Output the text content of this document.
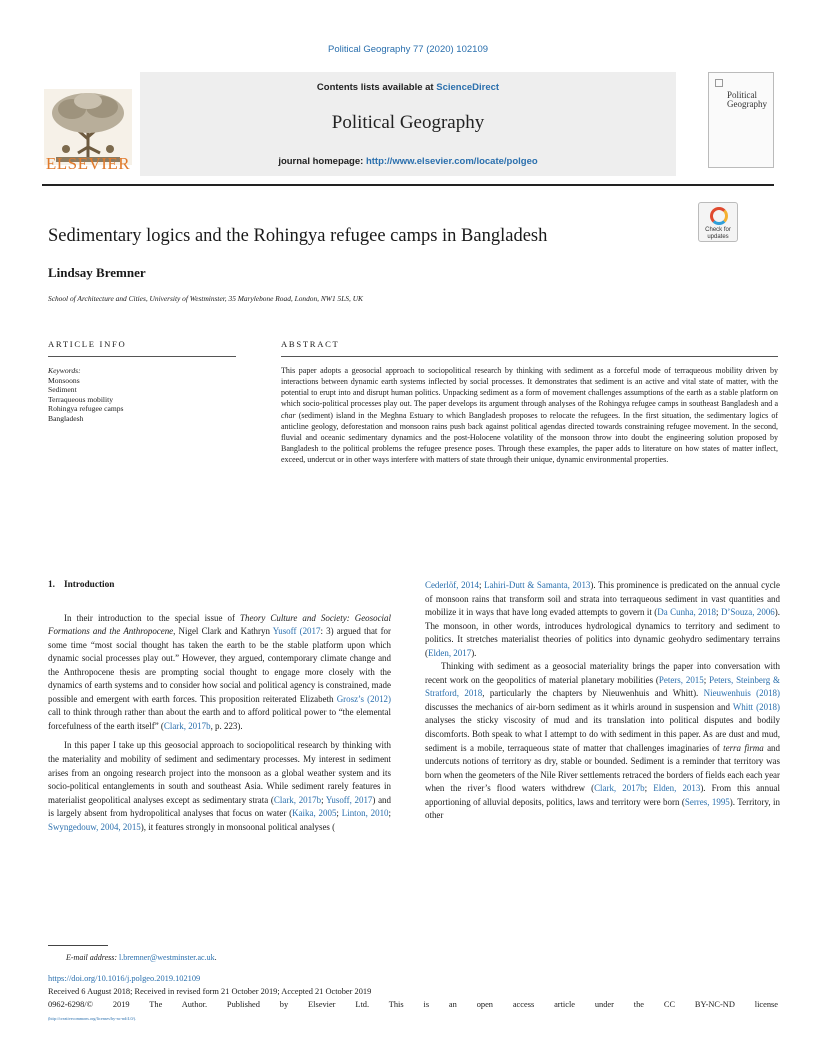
Political Geography 77 (2020) 102109
ELSEVIER
Contents lists available at ScienceDirect
Political Geography
journal homepage: http://www.elsevier.com/locate/polgeo
Political
Geography
Check for
updates
Sedimentary logics and the Rohingya refugee camps in Bangladesh
Lindsay Bremner
School of Architecture and Cities, University of Westminster, 35 Marylebone Road, London, NW1 5LS, UK
ARTICLE INFO	ABSTRACT
Keywords:
Monsoons
Sediment
Terraqueous mobility
Rohingya refugee camps
Bangladesh
This paper adopts a geosocial approach to sociopolitical research by thinking with sediment as a forceful mode of terraqueous mobility driven by interactions between dynamic earth systems inflected by social processes. It demonstrates that sediment is an active and vital state of matter, with the potential to erupt into and disrupt human politics. Unpacking sediment as a form of movement challenges assumptions of the earth as a stable platform on which socio-political processes play out. The paper develops its argument through analyses of the Rohingya refugee camps in southeast Bangladesh and a char (sediment) island in the Meghna Estuary to which Bangladesh proposes to relocate the refugees. In the first situation, the sedimentary logics of anticline geology, deforestation and monsoon rains push back against political agendas directed towards constraining refugee movement. In the second, fluvial and oceanic sedimentary dynamics and the post-Holocene volatility of the monsoon throw into doubt the engineering solution proposed by Bangladesh to the political problems the refugee presence poses. Through these examples, the paper adds to literature on how states of matter inflect, exceed, undercut or in other ways interfere with matters of state through their unique, dynamic environmental properties.
1. Introduction

In their introduction to the special issue of Theory Culture and Society: Geosocial Formations and the Anthropocene, Nigel Clark and Kathryn Yusoff (2017: 3) argued that for some time “most social thought has taken the earth to be the stable platform upon which dynamic social processes play out.” However, they argued, contemporary climate change and the Anthropocene thesis are prompting social thought to engage more closely with the dynamics of earth systems and to consider how social and political agency is constrained, made possible and emergent with earth forces. This proposition reiterated Elizabeth Grosz’s (2012) call to think through rather than about the earth and to afford political power to “the elemental forcefulness of the earth itself” (Clark, 2017b, p. 223).

In this paper I take up this geosocial approach to sociopolitical research by thinking with the materiality and mobility of sediment and sedimentary processes. My interest in sediment arises from an ongoing research project into the monsoon as a global weather system and its socio-political entanglements in south and southeast Asia. While sediment rarely features in materialist geopolitical analyses except as sedimentary strata (Clark, 2017b; Yusoff, 2017) and is largely absent from hydropolitical analyses that focus on water (Kaika, 2005; Linton, 2010; Swyngedouw, 2004, 2015), it features strongly in monsoonal political analyses (

Cederlöf, 2014; Lahiri-Dutt & Samanta, 2013). This prominence is predicated on the annual cycle of monsoon rains that transform soil and strata into terraqueous sediment in vast quantities and mobilize it in ways that have long evaded attempts to govern it (Da Cunha, 2018; D’Souza, 2006). The monsoon, in other words, introduces hydrological dynamics to territory and sediment to politics. It stretches materialist theories of politics into dynamic geohydro sedimentary terrains (Elden, 2017).

Thinking with sediment as a geosocial materiality brings the paper into conversation with recent work on the geopolitics of material planetary mobilities (Peters, 2015; Peters, Steinberg & Stratford, 2018, particularly the chapters by Nieuwenhuis and Whitt). Nieuwenhuis (2018) discusses the mechanics of air-born sediment as it whirls around in suspension and Whitt (2018) analyses the sticky viscosity of mud and its translation into political disputes and bodily discomforts. Both speak to what I attempt to do with sediment in this paper. As are dust and mud, sediment is a mobile, terraqueous state of matter that challenges imaginaries of terra firma and undercuts notions of territory as dry, stable or bounded. Sediment is a reminder that territory was born when the geometers of the Nile River settlements retraced the borders of fields each each year when the river’s flood waters withdrew (Clark, 2017b; Elden, 2013). From this annual apportioning of alluvial deposits, politics, laws and territory were born (Serres, 1995). Territory, in other

E-mail address: l.bremner@westminster.ac.uk.
https://doi.org/10.1016/j.polgeo.2019.102109
Received 6 August 2018; Received in revised form 21 October 2019; Accepted 21 October 2019
0962-6298/© 2019 The Author. Published by Elsevier Ltd. This is an open access article under the CC BY-NC-ND license
(http://creativecommons.org/licenses/by-nc-nd/4.0/).
